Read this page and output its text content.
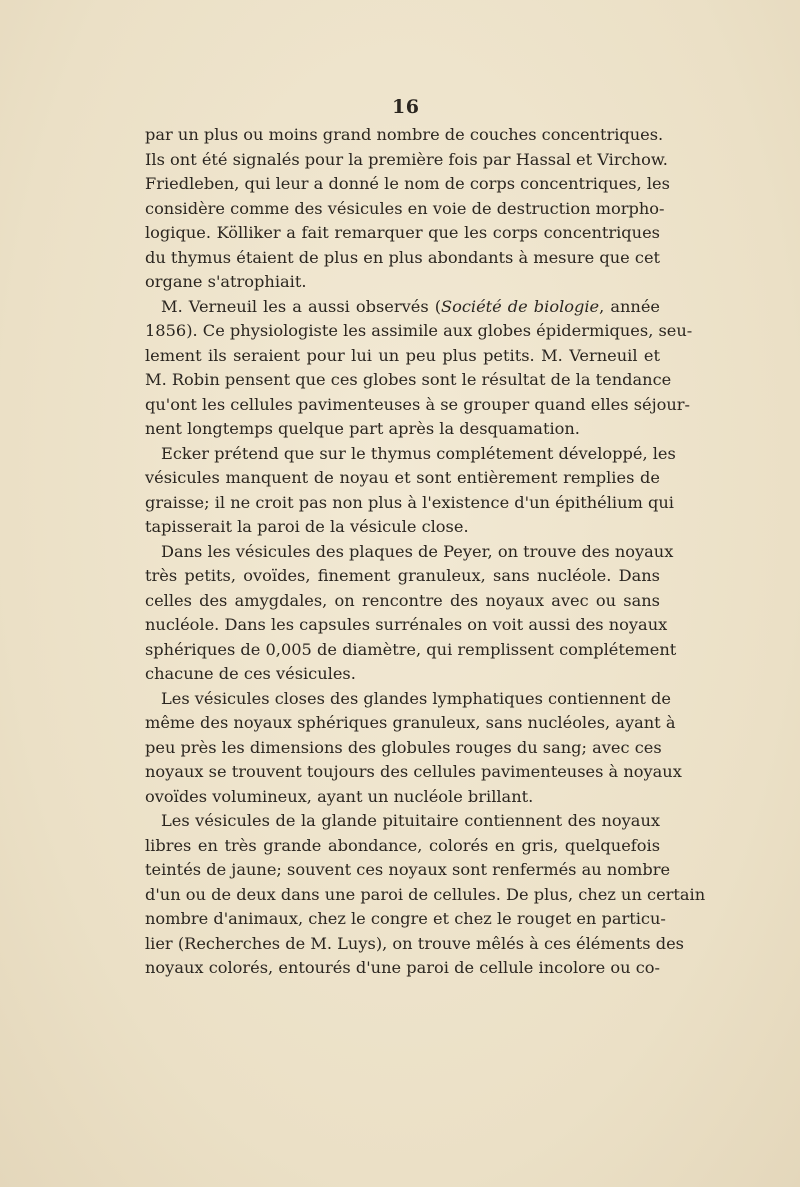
16
par un plus ou moins grand nombre de couches concentriques.
Ils ont été signalés pour la première fois par Hassal et Virchow.
Friedleben, qui leur a donné le nom de corps concentriques, les
considère comme des vésicules en voie de destruction morpho-
logique. Kölliker a fait remarquer que les corps concentriques
du thymus étaient de plus en plus abondants à mesure que cet
organe s'atrophiait.
M. Verneuil les a aussi observés (Société de biologie, année
1856). Ce physiologiste les assimile aux globes épidermiques, seu-
lement ils seraient pour lui un peu plus petits. M. Verneuil et
M. Robin pensent que ces globes sont le résultat de la tendance
qu'ont les cellules pavimenteuses à se grouper quand elles séjour-
nent longtemps quelque part après la desquamation.
Ecker prétend que sur le thymus complétement développé, les
vésicules manquent de noyau et sont entièrement remplies de
graisse; il ne croit pas non plus à l'existence d'un épithélium qui
tapisserait la paroi de la vésicule close.
Dans les vésicules des plaques de Peyer, on trouve des noyaux
très petits, ovoïdes, finement granuleux, sans nucléole. Dans
celles des amygdales, on rencontre des noyaux avec ou sans
nucléole. Dans les capsules surrénales on voit aussi des noyaux
sphériques de 0,005 de diamètre, qui remplissent complétement
chacune de ces vésicules.
Les vésicules closes des glandes lymphatiques contiennent de
même des noyaux sphériques granuleux, sans nucléoles, ayant à
peu près les dimensions des globules rouges du sang; avec ces
noyaux se trouvent toujours des cellules pavimenteuses à noyaux
ovoïdes volumineux, ayant un nucléole brillant.
Les vésicules de la glande pituitaire contiennent des noyaux
libres en très grande abondance, colorés en gris, quelquefois
teintés de jaune; souvent ces noyaux sont renfermés au nombre
d'un ou de deux dans une paroi de cellules. De plus, chez un certain
nombre d'animaux, chez le congre et chez le rouget en particu-
lier (Recherches de M. Luys), on trouve mêlés à ces éléments des
noyaux colorés, entourés d'une paroi de cellule incolore ou co-
